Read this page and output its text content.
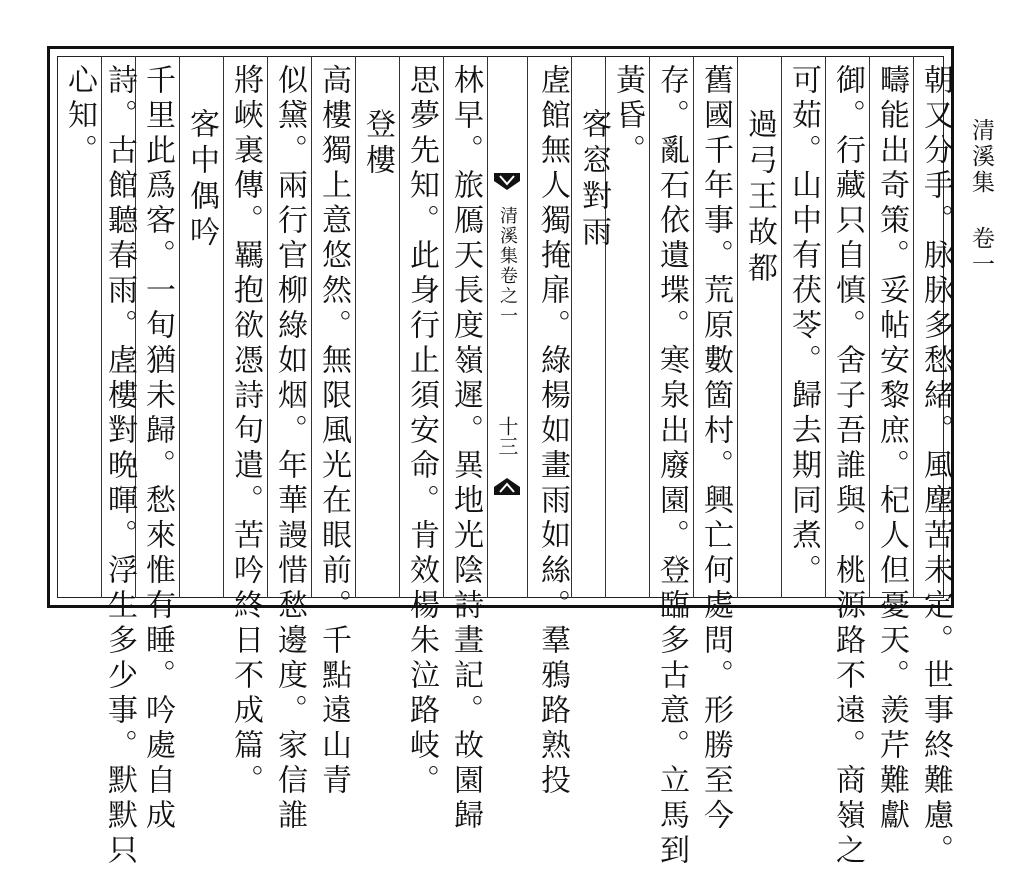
清溪集卷一
朝又分手。脉脉多愁緒。風塵苦未定。世事終難慮。
疇能出奇策。妥帖安黎庶。杞人但憂天。羨芹難獻
御。行藏只自慎。舍子吾誰與。桃源路不遠。商嶺之
可茹。山中有茯苓。歸去期同煮。
過弓王故都
舊國千年事。荒原數箇村。興亡何處問。形勝至今
存。亂石依遺堞。寒泉出廢園。登臨多古意。立馬到
黃昏。
客窓對雨
虗館無人獨掩扉。綠楊如畫雨如絲。羣鴉路熟投
清溪集卷之一
十三
林早。旅鴈天長度嶺遲。異地光陰詩晝記。故園歸
思夢先知。此身行止須安命。肯效楊朱泣路岐。
登樓
高樓獨上意悠然。無限風光在眼前。千點遠山青
似黛。兩行官柳綠如烟。年華謾惜愁邊度。家信誰
將峽裏傳。羈抱欲憑詩句遣。苦吟終日不成篇。
客中偶吟
千里此爲客。一旬猶未歸。愁來惟有睡。吟處自成
詩。古館聽春雨。虗樓對晩暉。浮生多少事。默默只
心知。
